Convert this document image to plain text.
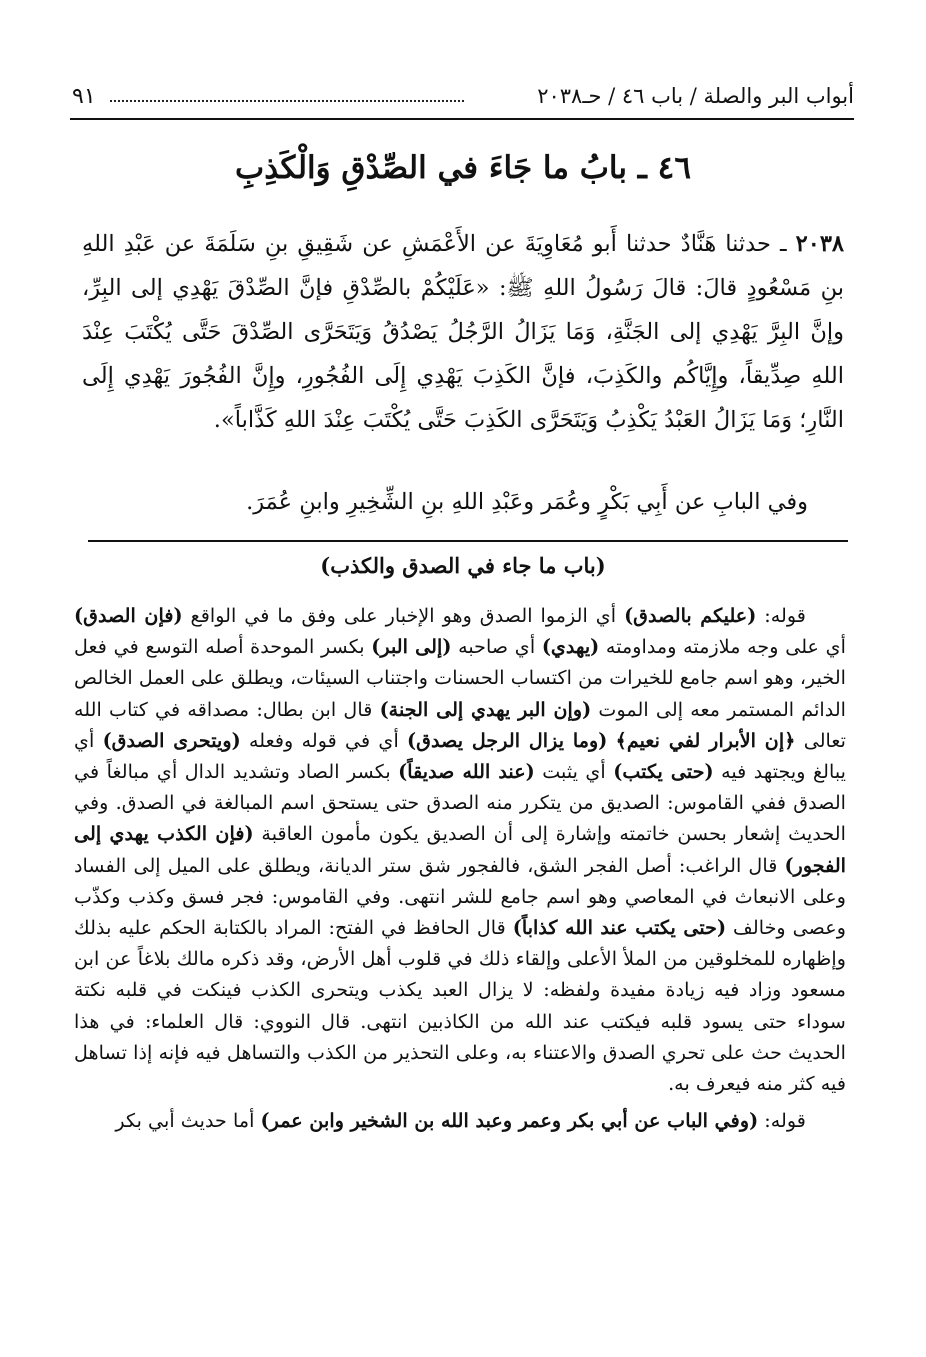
أبواب البر والصلة / باب ٤٦ / حـ٢٠٣٨
٩١
٤٦ ـ بابُ ما جَاءَ في الصِّدْقِ وَالْكَذِبِ

٢٠٣٨ ـ حدثنا هَنَّادٌ حدثنا أَبو مُعَاوِيَةَ عن الأَعْمَشِ عن شَقِيقِ بنِ سَلَمَةَ عن عَبْدِ اللهِ بنِ مَسْعُودٍ قالَ: قالَ رَسُولُ اللهِ ﷺ: «عَلَيْكُمْ بالصِّدْقِ فإنَّ الصِّدْقَ يَهْدِي إلى البِرِّ، وإنَّ البِرَّ يَهْدِي إلى الجَنَّةِ، وَمَا يَزَالُ الرَّجُلُ يَصْدُقُ وَيَتَحَرَّى الصِّدْقَ حَتَّى يُكْتَبَ عِنْدَ اللهِ صِدِّيقاً، وإِيَّاكُم والكَذِبَ، فإنَّ الكَذِبَ يَهْدِي إِلَى الفُجُورِ، وإِنَّ الفُجُورَ يَهْدِي إِلَى النَّارِ؛ وَمَا يَزَالُ العَبْدُ يَكْذِبُ وَيَتَحَرَّى الكَذِبَ حَتَّى يُكْتَبَ عِنْدَ اللهِ كَذَّاباً».

وفي البابِ عن أَبِي بَكْرٍ وعُمَر وعَبْدِ اللهِ بنِ الشِّخِيرِ وابنِ عُمَرَ.
(باب ما جاء في الصدق والكذب)

قوله: (عليكم بالصدق) أي الزموا الصدق وهو الإخبار على وفق ما في الواقع (فإن الصدق) أي على وجه ملازمته ومداومته (يهدي) أي صاحبه (إلى البر) بكسر الموحدة أصله التوسع في فعل الخير، وهو اسم جامع للخيرات من اكتساب الحسنات واجتناب السيئات، ويطلق على العمل الخالص الدائم المستمر معه إلى الموت (وإن البر يهدي إلى الجنة) قال ابن بطال: مصداقه في كتاب الله تعالى ﴿إن الأبرار لفي نعيم﴾ (وما يزال الرجل يصدق) أي في قوله وفعله (ويتحرى الصدق) أي يبالغ ويجتهد فيه (حتى يكتب) أي يثبت (عند الله صديقاً) بكسر الصاد وتشديد الدال أي مبالغاً في الصدق ففي القاموس: الصديق من يتكرر منه الصدق حتى يستحق اسم المبالغة في الصدق. وفي الحديث إشعار بحسن خاتمته وإشارة إلى أن الصديق يكون مأمون العاقبة (فإن الكذب يهدي إلى الفجور) قال الراغب: أصل الفجر الشق، فالفجور شق ستر الديانة، ويطلق على الميل إلى الفساد وعلى الانبعاث في المعاصي وهو اسم جامع للشر انتهى. وفي القاموس: فجر فسق وكذب وكذّب وعصى وخالف (حتى يكتب عند الله كذاباً) قال الحافظ في الفتح: المراد بالكتابة الحكم عليه بذلك وإظهاره للمخلوقين من الملأ الأعلى وإلقاء ذلك في قلوب أهل الأرض، وقد ذكره مالك بلاغاً عن ابن مسعود وزاد فيه زيادة مفيدة ولفظه: لا يزال العبد يكذب ويتحرى الكذب فينكت في قلبه نكتة سوداء حتى يسود قلبه فيكتب عند الله من الكاذبين انتهى. قال النووي: قال العلماء: في هذا الحديث حث على تحري الصدق والاعتناء به، وعلى التحذير من الكذب والتساهل فيه فإنه إذا تساهل فيه كثر منه فيعرف به.

قوله: (وفي الباب عن أبي بكر وعمر وعبد الله بن الشخير وابن عمر) أما حديث أبي بكر
